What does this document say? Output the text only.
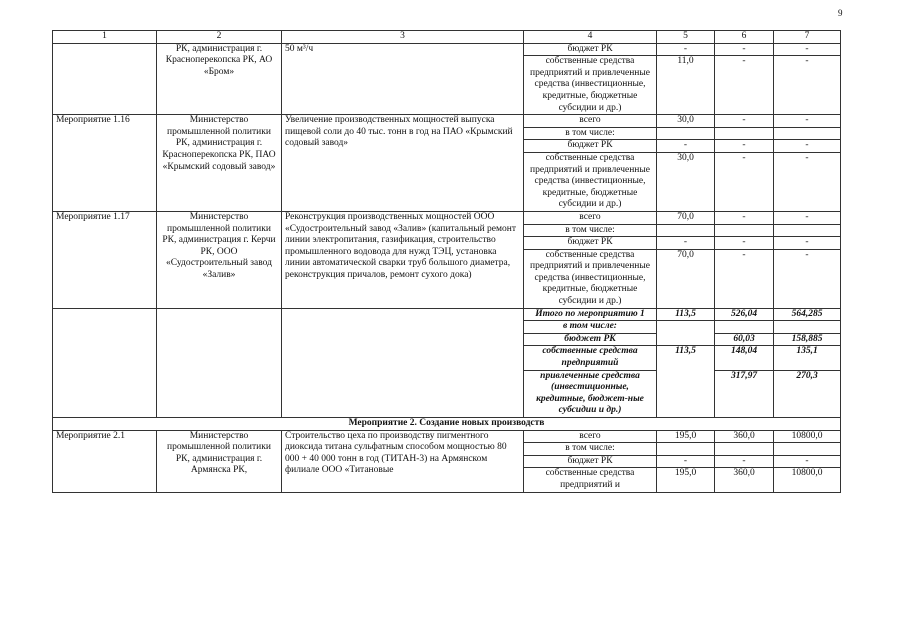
9
1	2	3	4	5	6	7
	РК, администрация г. Красноперекопска РК, АО «Бром»	50 м³/ч	бюджет РК	-	-	-
			собственные средства предприятий и привлеченные средства (инвестиционные, кредитные, бюджетные субсидии и др.)	11,0	-	-
Мероприятие 1.16	Министерство промышленной политики РК, администрация г. Красноперекопска РК, ПАО «Крымский содовый завод»	Увеличение производственных мощностей выпуска пищевой соли до 40 тыс. тонн в год на ПАО «Крымский содовый завод»	всего	30,0	-	-
			в том числе:			
			бюджет РК	-	-	-
			собственные средства предприятий и привлеченные средства (инвестиционные, кредитные, бюджетные субсидии и др.)	30,0	-	-
Мероприятие 1.17	Министерство промышленной политики РК, администрация г. Керчи РК, ООО «Судостроительный завод «Залив»	Реконструкция производственных мощностей ООО «Судостроительный завод «Залив» (капитальный ремонт линии электропитания, газификация, строительство промышленного водовода для нужд ТЭЦ, установка линии автоматической сварки труб большого диаметра, реконструкция причалов, ремонт сухого дока)	всего	70,0	-	-
			в том числе:			
			бюджет РК	-	-	-
			собственные средства предприятий и привлеченные средства (инвестиционные, кредитные, бюджетные субсидии и др.)	70,0	-	-
			Итого по мероприятию 1	113,5	526,04	564,285
			в том числе:			
			бюджет РК		60,03	158,885
			собственные средства предприятий	113,5	148,04	135,1
			привлеченные средства (инвестиционные, кредитные, бюджет-ные субсидии и др.)		317,97	270,3
Мероприятие 2. Создание новых производств						
Мероприятие 2.1	Министерство промышленной политики РК, администрация г. Армянска РК,	Строительство цеха по производству пигментного диоксида титана сульфатным способом мощностью 80 000 + 40 000 тонн в год (ТИТАН-3) на Армянском филиале ООО «Титановые	всего	195,0	360,0	10800,0
			в том числе:			
			бюджет РК	-	-	-
			собственные средства предприятий и	195,0	360,0	10800,0
